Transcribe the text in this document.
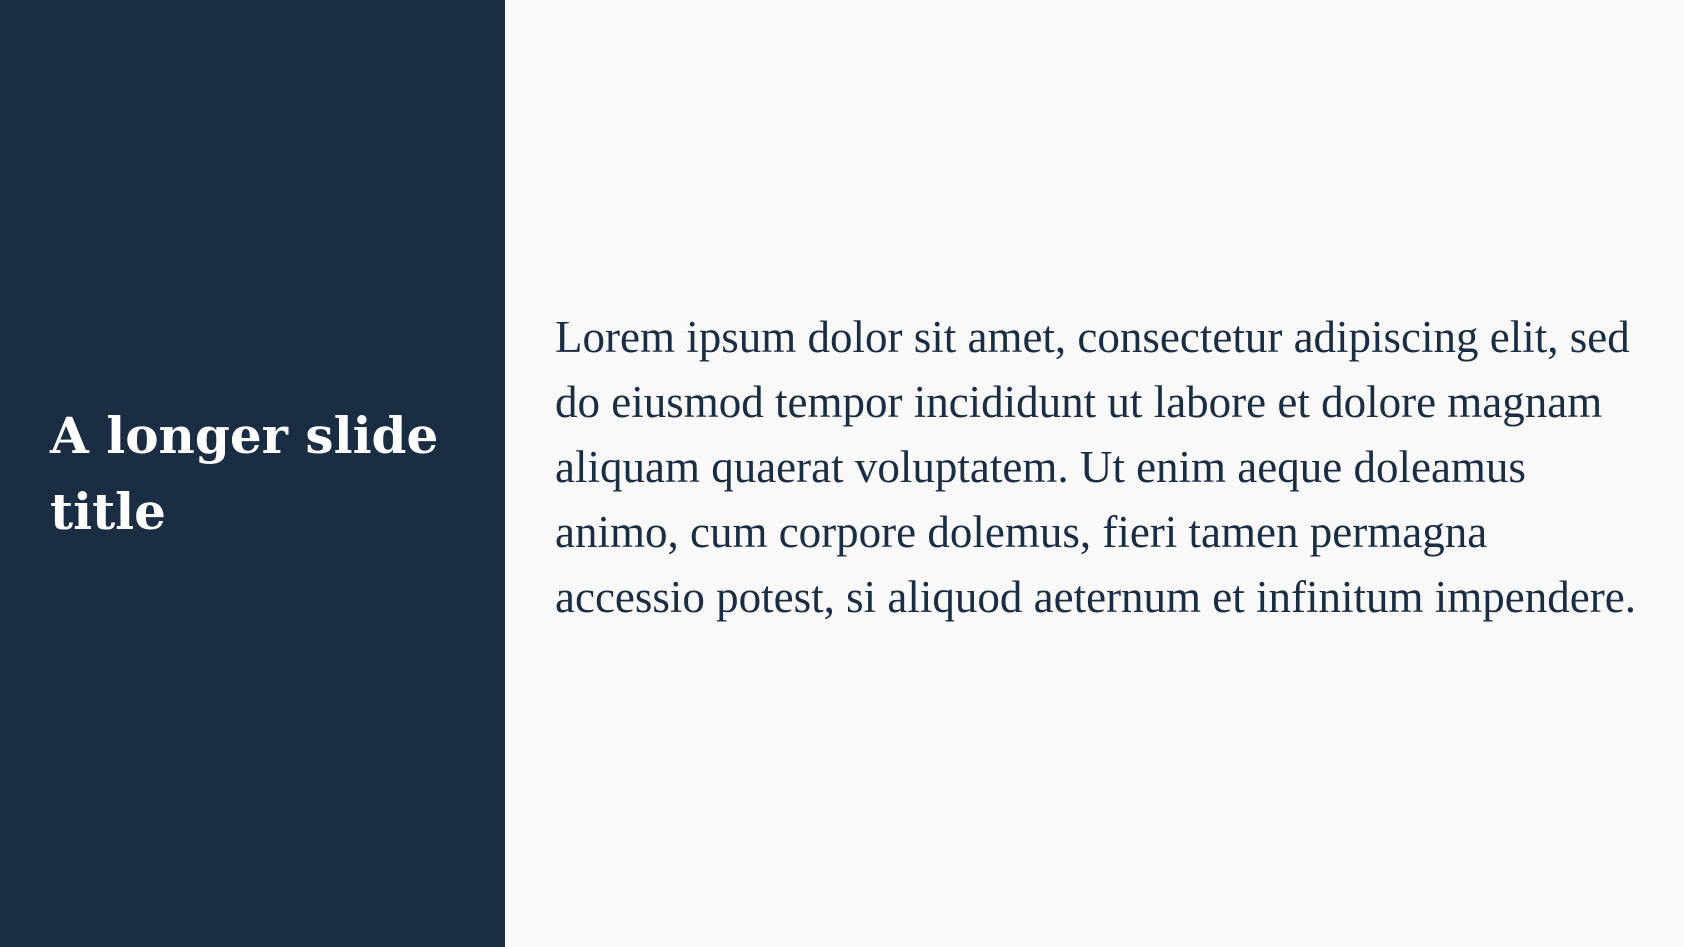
A longer slide title

Lorem ipsum dolor sit amet, consectetur adipiscing elit, sed do eiusmod tempor incididunt ut labore et dolore magnam aliquam quaerat voluptatem. Ut enim aeque doleamus animo, cum corpore dolemus, fieri tamen permagna accessio potest, si aliquod aeternum et infinitum impendere.
